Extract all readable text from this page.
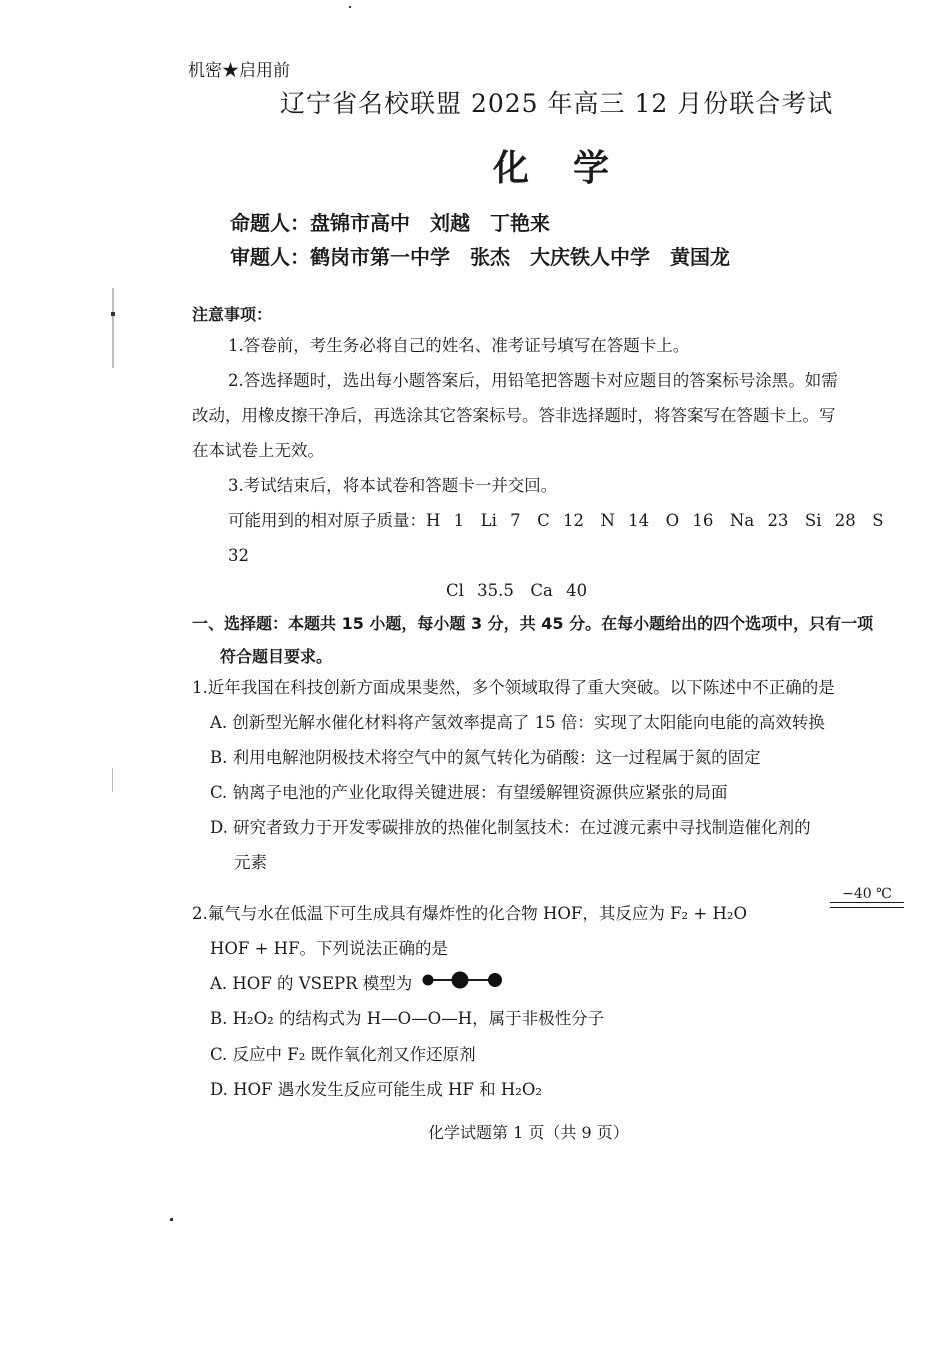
机密★启用前
辽宁省名校联盟 2025 年高三 12 月份联合考试
化学
命题人：盘锦市高中　刘越　丁艳来
审题人：鹤岗市第一中学　张杰　大庆铁人中学　黄国龙
注意事项：
1.答卷前，考生务必将自己的姓名、准考证号填写在答题卡上。
2.答选择题时，选出每小题答案后，用铅笔把答题卡对应题目的答案标号涂黑。如需
改动，用橡皮擦干净后，再选涂其它答案标号。答非选择题时，将答案写在答题卡上。写
在本试卷上无效。
3.考试结束后，将本试卷和答题卡一并交回。
可能用到的相对原子质量：H 1　Li 7　C 12　N 14　O 16　Na 23　Si 28　S 32
Cl 35.5　Ca 40
一、选择题：本题共 15 小题，每小题 3 分，共 45 分。在每小题给出的四个选项中，只有一项
符合题目要求。
1.近年我国在科技创新方面成果斐然，多个领域取得了重大突破。以下陈述中不正确的是
A. 创新型光解水催化材料将产氢效率提高了 15 倍：实现了太阳能向电能的高效转换
B. 利用电解池阴极技术将空气中的氮气转化为硝酸：这一过程属于氮的固定
C. 钠离子电池的产业化取得关键进展：有望缓解锂资源供应紧张的局面
D. 研究者致力于开发零碳排放的热催化制氢技术：在过渡元素中寻找制造催化剂的
元素
2.氟气与水在低温下可生成具有爆炸性的化合物 HOF，其反应为 F₂ + H₂O
−40 ℃
HOF + HF。下列说法正确的是
A. HOF 的 VSEPR 模型为
B. H₂O₂ 的结构式为 H—O—O—H，属于非极性分子
C. 反应中 F₂ 既作氧化剂又作还原剂
D. HOF 遇水发生反应可能生成 HF 和 H₂O₂
化学试题第 1 页（共 9 页）
